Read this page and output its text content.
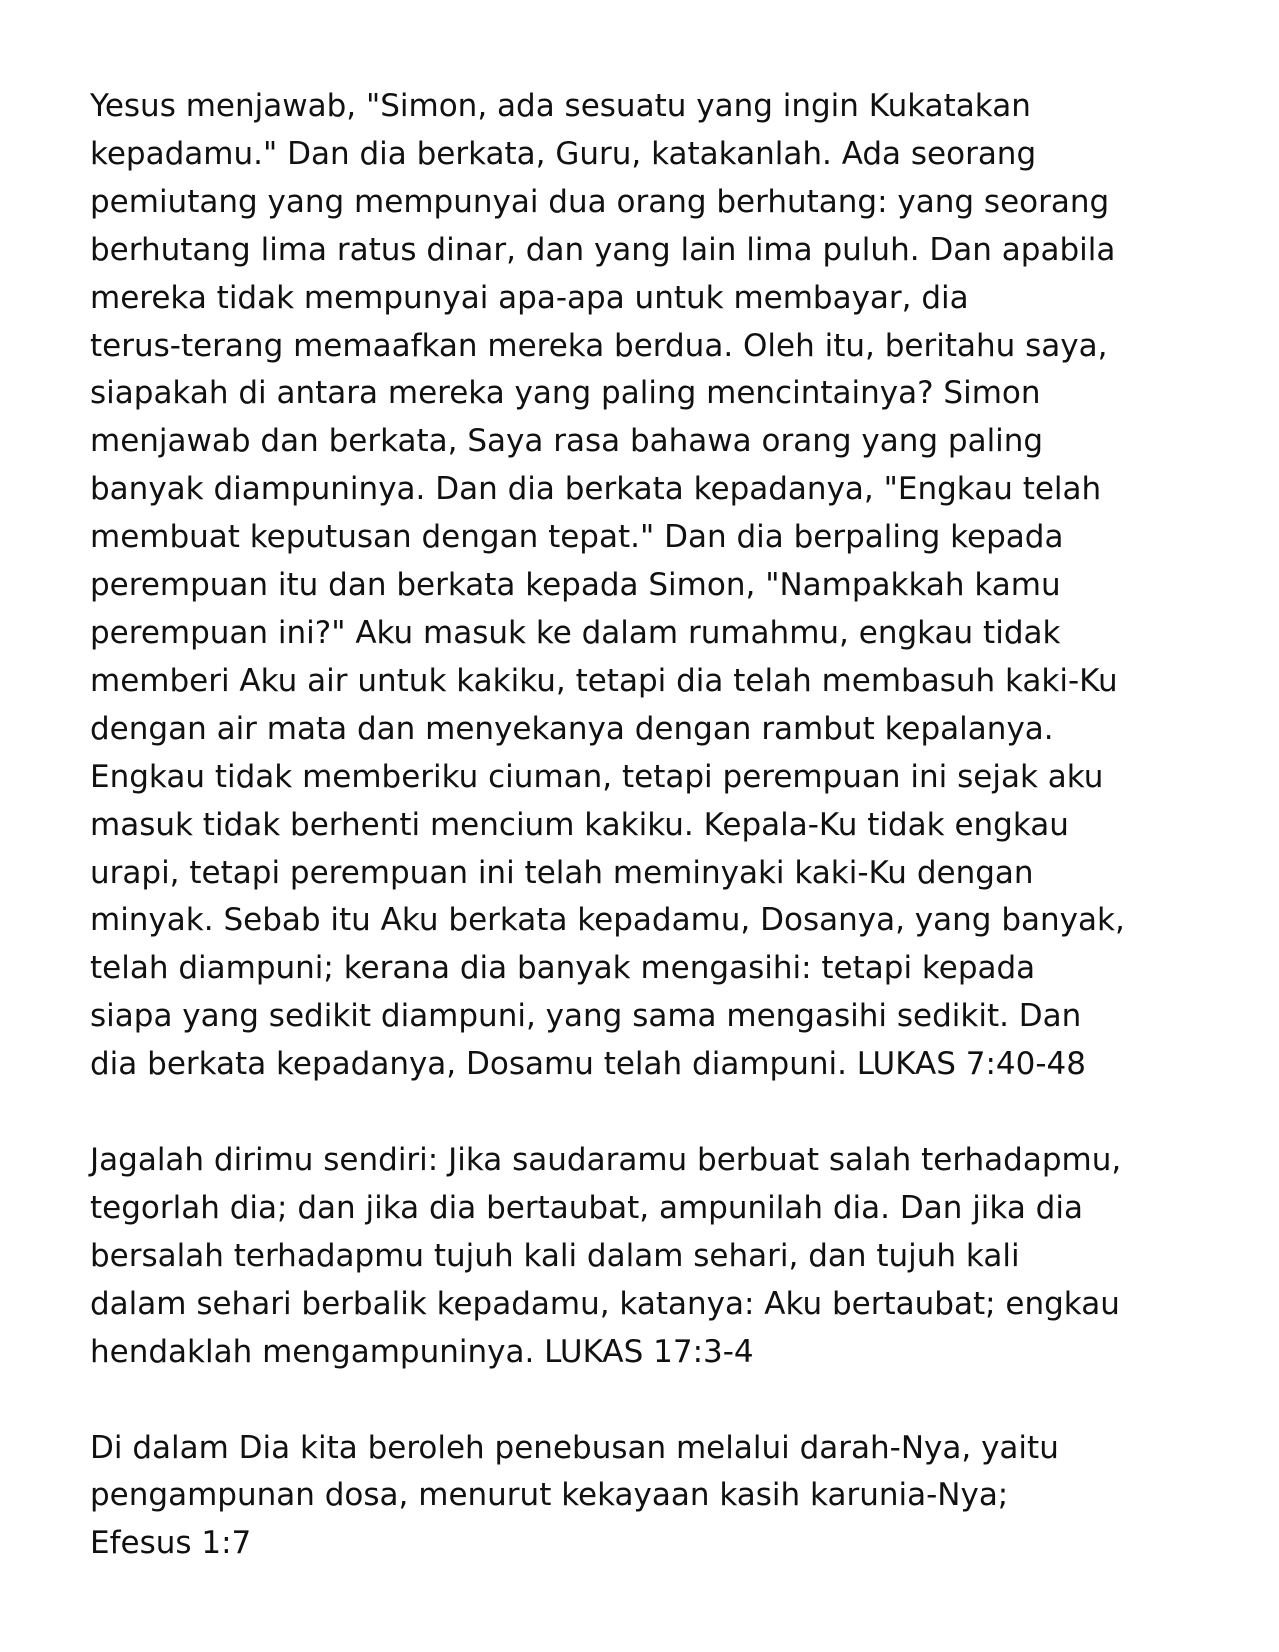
Yesus menjawab, "Simon, ada sesuatu yang ingin Kukatakan
kepadamu." Dan dia berkata, Guru, katakanlah. Ada seorang
pemiutang yang mempunyai dua orang berhutang: yang seorang
berhutang lima ratus dinar, dan yang lain lima puluh. Dan apabila
mereka tidak mempunyai apa-apa untuk membayar, dia
terus-terang memaafkan mereka berdua. Oleh itu, beritahu saya,
siapakah di antara mereka yang paling mencintainya? Simon
menjawab dan berkata, Saya rasa bahawa orang yang paling
banyak diampuninya. Dan dia berkata kepadanya, "Engkau telah
membuat keputusan dengan tepat." Dan dia berpaling kepada
perempuan itu dan berkata kepada Simon, "Nampakkah kamu
perempuan ini?" Aku masuk ke dalam rumahmu, engkau tidak
memberi Aku air untuk kakiku, tetapi dia telah membasuh kaki-Ku
dengan air mata dan menyekanya dengan rambut kepalanya.
Engkau tidak memberiku ciuman, tetapi perempuan ini sejak aku
masuk tidak berhenti mencium kakiku. Kepala-Ku tidak engkau
urapi, tetapi perempuan ini telah meminyaki kaki-Ku dengan
minyak. Sebab itu Aku berkata kepadamu, Dosanya, yang banyak,
telah diampuni; kerana dia banyak mengasihi: tetapi kepada
siapa yang sedikit diampuni, yang sama mengasihi sedikit. Dan
dia berkata kepadanya, Dosamu telah diampuni. LUKAS 7:40-48

Jagalah dirimu sendiri: Jika saudaramu berbuat salah terhadapmu,
tegorlah dia; dan jika dia bertaubat, ampunilah dia. Dan jika dia
bersalah terhadapmu tujuh kali dalam sehari, dan tujuh kali
dalam sehari berbalik kepadamu, katanya: Aku bertaubat; engkau
hendaklah mengampuninya. LUKAS 17:3-4

Di dalam Dia kita beroleh penebusan melalui darah-Nya, yaitu
pengampunan dosa, menurut kekayaan kasih karunia-Nya;
Efesus 1:7
